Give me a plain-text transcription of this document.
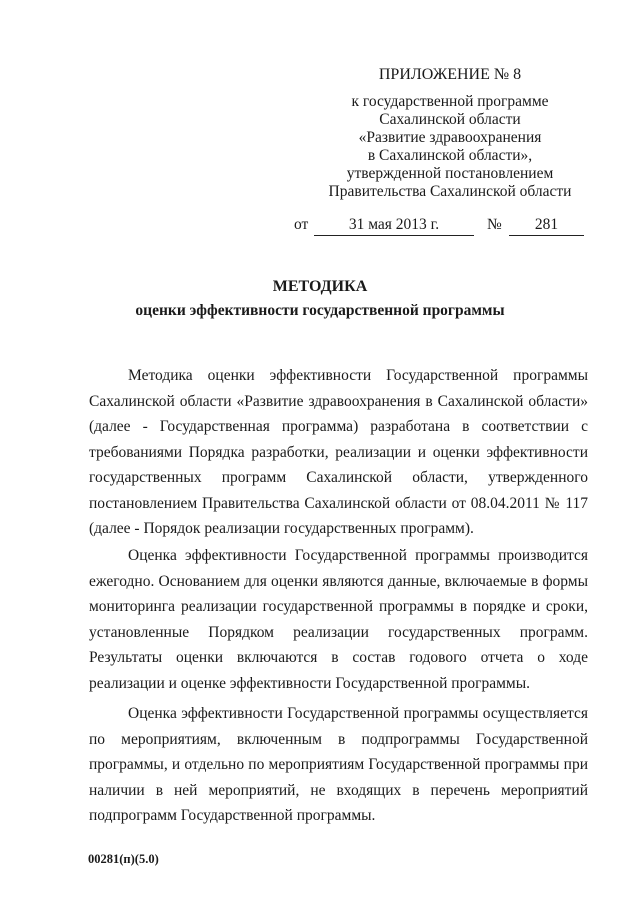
ПРИЛОЖЕНИЕ № 8
к государственной программе
Сахалинской области
«Развитие здравоохранения
в Сахалинской области»,
утвержденной постановлением
Правительства Сахалинской области
от	31 мая 2013 г.	№	281
МЕТОДИКА
оценки эффективности государственной программы
Методика оценки эффективности Государственной программы Сахалинской области «Развитие здравоохранения в Сахалинской области» (далее - Государственная программа) разработана в соответствии с требованиями Порядка разработки, реализации и оценки эффективности государственных программ Сахалинской области, утвержденного постановлением Правительства Сахалинской области от 08.04.2011 № 117 (далее - Порядок реализации государственных программ).
Оценка эффективности Государственной программы производится ежегодно. Основанием для оценки являются данные, включаемые в формы мониторинга реализации государственной программы в порядке и сроки, установленные Порядком реализации государственных программ. Результаты оценки включаются в состав годового отчета о ходе реализации и оценке эффективности Государственной программы.
Оценка эффективности Государственной программы осуществляется по мероприятиям, включенным в подпрограммы Государственной программы, и отдельно по мероприятиям Государственной программы при наличии в ней мероприятий, не входящих в перечень мероприятий подпрограмм Государственной программы.
00281(п)(5.0)
